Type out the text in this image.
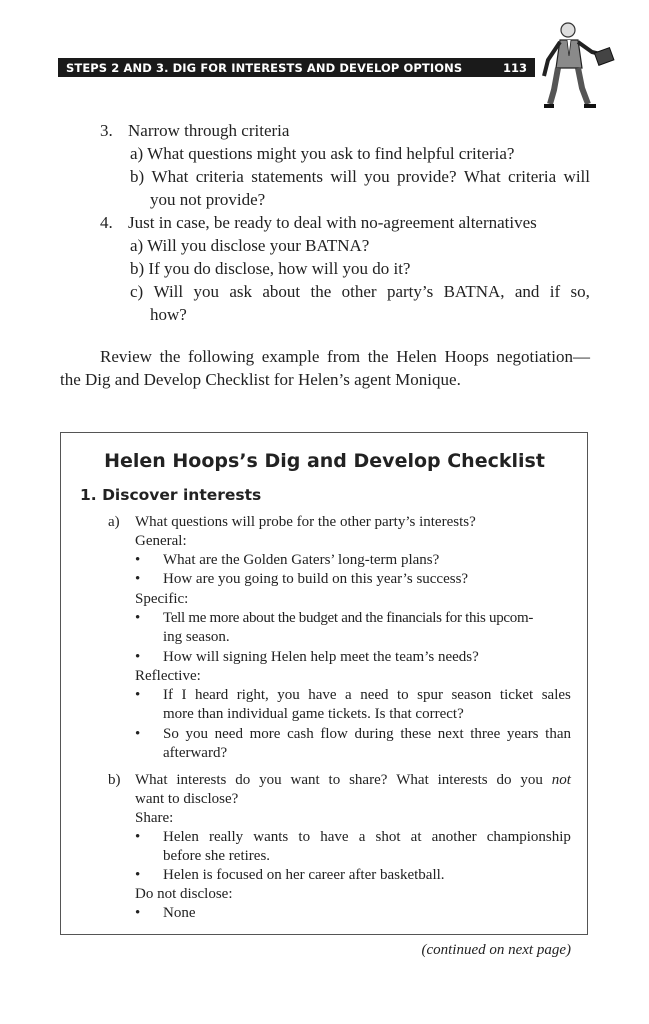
STEPS 2 AND 3. DIG FOR INTERESTS AND DEVELOP OPTIONS	113
3. Narrow through criteria
a) What questions might you ask to find helpful criteria?
b) What criteria statements will you provide? What criteria will
you not provide?
4. Just in case, be ready to deal with no-agreement alternatives
a) Will you disclose your BATNA?
b) If you do disclose, how will you do it?
c) Will you ask about the other party’s BATNA, and if so,
how?
Review the following example from the Helen Hoops negotiation—
the Dig and Develop Checklist for Helen’s agent Monique.
Helen Hoops’s Dig and Develop Checklist
1. Discover interests
a) What questions will probe for the other party’s interests?
General:
• What are the Golden Gaters’ long-term plans?
• How are you going to build on this year’s success?
Specific:
• Tell me more about the budget and the financials for this upcom-
ing season.
• How will signing Helen help meet the team’s needs?
Reflective:
• If I heard right, you have a need to spur season ticket sales
more than individual game tickets. Is that correct?
• So you need more cash flow during these next three years than
afterward?
b) What interests do you want to share? What interests do you not
want to disclose?
Share:
• Helen really wants to have a shot at another championship
before she retires.
• Helen is focused on her career after basketball.
Do not disclose:
• None
(continued on next page)
